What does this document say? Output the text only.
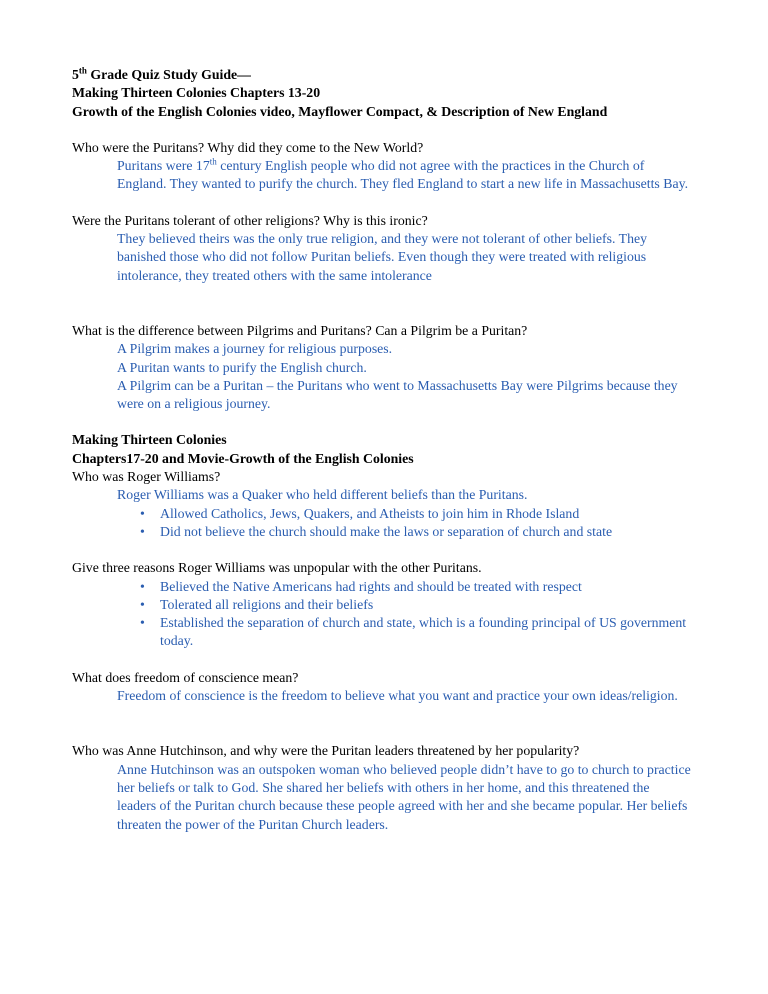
5th Grade Quiz Study Guide—
Making Thirteen Colonies Chapters 13-20
Growth of the English Colonies video, Mayflower Compact, & Description of New England
Who were the Puritans? Why did they come to the New World?
Puritans were 17th century English people who did not agree with the practices in the Church of England. They wanted to purify the church. They fled England to start a new life in Massachusetts Bay.
Were the Puritans tolerant of other religions? Why is this ironic?
They believed theirs was the only true religion, and they were not tolerant of other beliefs. They banished those who did not follow Puritan beliefs. Even though they were treated with religious intolerance, they treated others with the same intolerance
What is the difference between Pilgrims and Puritans? Can a Pilgrim be a Puritan?
A Pilgrim makes a journey for religious purposes.
A Puritan wants to purify the English church.
A Pilgrim can be a Puritan – the Puritans who went to Massachusetts Bay were Pilgrims because they were on a religious journey.
Making Thirteen Colonies
Chapters17-20 and Movie-Growth of the English Colonies
Who was Roger Williams?
Roger Williams was a Quaker who held different beliefs than the Puritans.
•	Allowed Catholics, Jews, Quakers, and Atheists to join him in Rhode Island
•	Did not believe the church should make the laws or separation of church and state
Give three reasons Roger Williams was unpopular with the other Puritans.
•	Believed the Native Americans had rights and should be treated with respect
•	Tolerated all religions and their beliefs
•	Established the separation of church and state, which is a founding principal of US government today.
What does freedom of conscience mean?
Freedom of conscience is the freedom to believe what you want and practice your own ideas/religion.
Who was Anne Hutchinson, and why were the Puritan leaders threatened by her popularity?
Anne Hutchinson was an outspoken woman who believed people didn’t have to go to church to practice her beliefs or talk to God. She shared her beliefs with others in her home, and this threatened the leaders of the Puritan church because these people agreed with her and she became popular. Her beliefs threaten the power of the Puritan Church leaders.
